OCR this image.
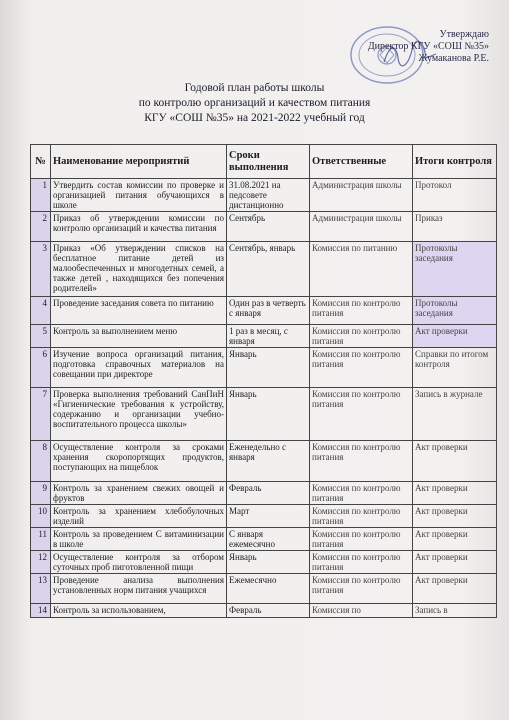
Утверждаю
Директор КГУ «СОШ №35»
Жумаканова Р.Е.
Годовой план работы школы
по контролю организаций и качеством питания
КГУ «СОШ №35» на 2021-2022 учебный год
№	Наименование мероприятий	Сроки выполнения	Ответственные	Итоги контроля
1	Утвердить состав комиссии по проверке и организацией питания обучающихся в школе	31.08.2021 на педсовете дистанционно	Администрация школы	Протокол
2	Приказ об утверждении комиссии по контролю организаций и качества питания	Сентябрь	Администрация школы	Приказ
3	Приказ «Об утверждении списков на бесплатное питание детей из малообеспеченных и многодетных семей, а также детей , находящихся без попечения родителей»	Сентябрь, январь	Комиссия по питанию	Протоколы заседания
4	Проведение заседания совета по питанию	Один раз в четверть с января	Комиссия по контролю питания	Протоколы заседания
5	Контроль за выполнением меню	1 раз в месяц, с января	Комиссия по контролю питания	Акт проверки
6	Изучение вопроса организаций питания, подготовка справочных материалов на совещании при директоре	Январь	Комиссия по контролю питания	Справки по итогом контроля
7	Проверка выполнения требований СанПиН «Гигиенические требования к устройству, содержанию и организации учебно-воспитательного процесса школы»	Январь	Комиссия по контролю питания	Запись в журнале
8	Осуществление контроля за сроками хранения скоропортящих продуктов, поступающих на пищеблок	Еженедельно с января	Комиссия по контролю питания	Акт проверки
9	Контроль за хранением свежих овощей и фруктов	Февраль	Комиссия по контролю питания	Акт проверки
10	Контроль за хранением хлебобулочных изделий	Март	Комиссия по контролю питания	Акт проверки
11	Контроль за проведением С витаминизации в школе	С января ежемесячно	Комиссия по контролю питания	Акт проверки
12	Осуществление контроля за отбором суточных проб пиготовленной пищи	Январь	Комиссия по контролю питания	Акт проверки
13	Проведение анализа выполнения установленных норм питания учащихся	Ежемесячно	Комиссия по контролю питания	Акт проверки
14	Контроль за использованием,	Февраль	Комиссия по	Запись в
